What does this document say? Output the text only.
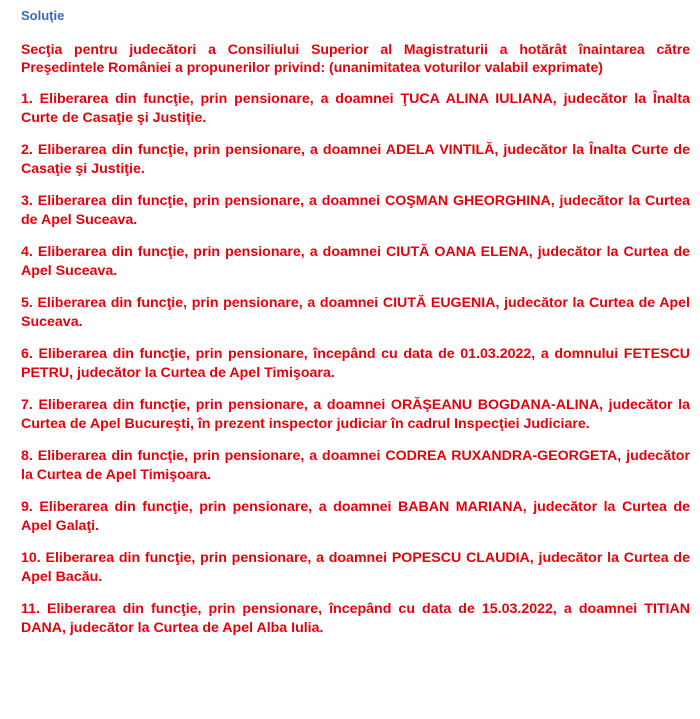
Soluţie

Secţia pentru judecători a Consiliului Superior al Magistraturii a hotărât înaintarea către Preşedintele României a propunerilor privind: (unanimitatea voturilor valabil exprimate)

1. Eliberarea din funcţie, prin pensionare, a doamnei ŢUCA ALINA IULIANA, judecător la Înalta Curte de Casaţie şi Justiţie.
2. Eliberarea din funcţie, prin pensionare, a doamnei ADELA VINTILĂ, judecător la Înalta Curte de Casaţie şi Justiţie.
3. Eliberarea din funcţie, prin pensionare, a doamnei COŞMAN GHEORGHINA, judecător la Curtea de Apel Suceava.
4. Eliberarea din funcţie, prin pensionare, a doamnei CIUTĂ OANA ELENA, judecător la Curtea de Apel Suceava.
5. Eliberarea din funcţie, prin pensionare, a doamnei CIUTĂ EUGENIA, judecător la Curtea de Apel Suceava.
6. Eliberarea din funcţie, prin pensionare, începând cu data de 01.03.2022, a domnului FETESCU PETRU, judecător la Curtea de Apel Timişoara.
7. Eliberarea din funcţie, prin pensionare, a doamnei ORĂŞEANU BOGDANA-ALINA, judecător la Curtea de Apel Bucureşti, în prezent inspector judiciar în cadrul Inspecţiei Judiciare.
8. Eliberarea din funcţie, prin pensionare, a doamnei CODREA RUXANDRA-GEORGETA, judecător la Curtea de Apel Timişoara.
9. Eliberarea din funcţie, prin pensionare, a doamnei BABAN MARIANA, judecător la Curtea de Apel Galaţi.
10. Eliberarea din funcţie, prin pensionare, a doamnei POPESCU CLAUDIA, judecător la Curtea de Apel Bacău.
11. Eliberarea din funcţie, prin pensionare, începând cu data de 15.03.2022, a doamnei TITIAN DANA, judecător la Curtea de Apel Alba Iulia.
